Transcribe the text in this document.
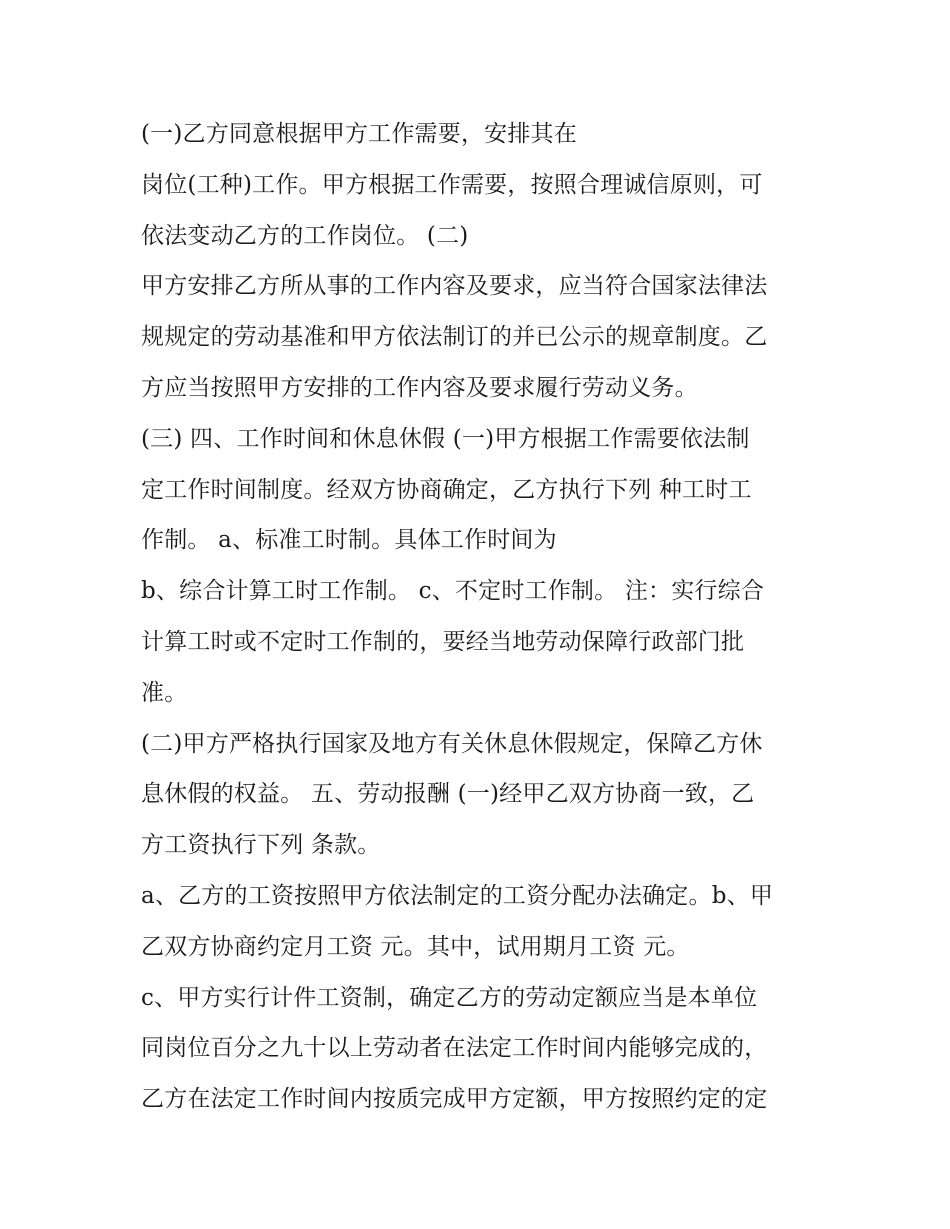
(一)乙方同意根据甲方工作需要，安排其在
岗位(工种)工作。甲方根据工作需要，按照合理诚信原则，可
依法变动乙方的工作岗位。 (二)
甲方安排乙方所从事的工作内容及要求，应当符合国家法律法
规规定的劳动基准和甲方依法制订的并已公示的规章制度。乙
方应当按照甲方安排的工作内容及要求履行劳动义务。
(三) 四、工作时间和休息休假 (一)甲方根据工作需要依法制
定工作时间制度。经双方协商确定，乙方执行下列 种工时工
作制。 a、标准工时制。具体工作时间为
b、综合计算工时工作制。 c、不定时工作制。 注：实行综合
计算工时或不定时工作制的，要经当地劳动保障行政部门批
准。
(二)甲方严格执行国家及地方有关休息休假规定，保障乙方休
息休假的权益。 五、劳动报酬 (一)经甲乙双方协商一致，乙
方工资执行下列 条款。
a、乙方的工资按照甲方依法制定的工资分配办法确定。b、甲
乙双方协商约定月工资 元。其中，试用期月工资 元。
c、甲方实行计件工资制，确定乙方的劳动定额应当是本单位
同岗位百分之九十以上劳动者在法定工作时间内能够完成的，
乙方在法定工作时间内按质完成甲方定额，甲方按照约定的定
